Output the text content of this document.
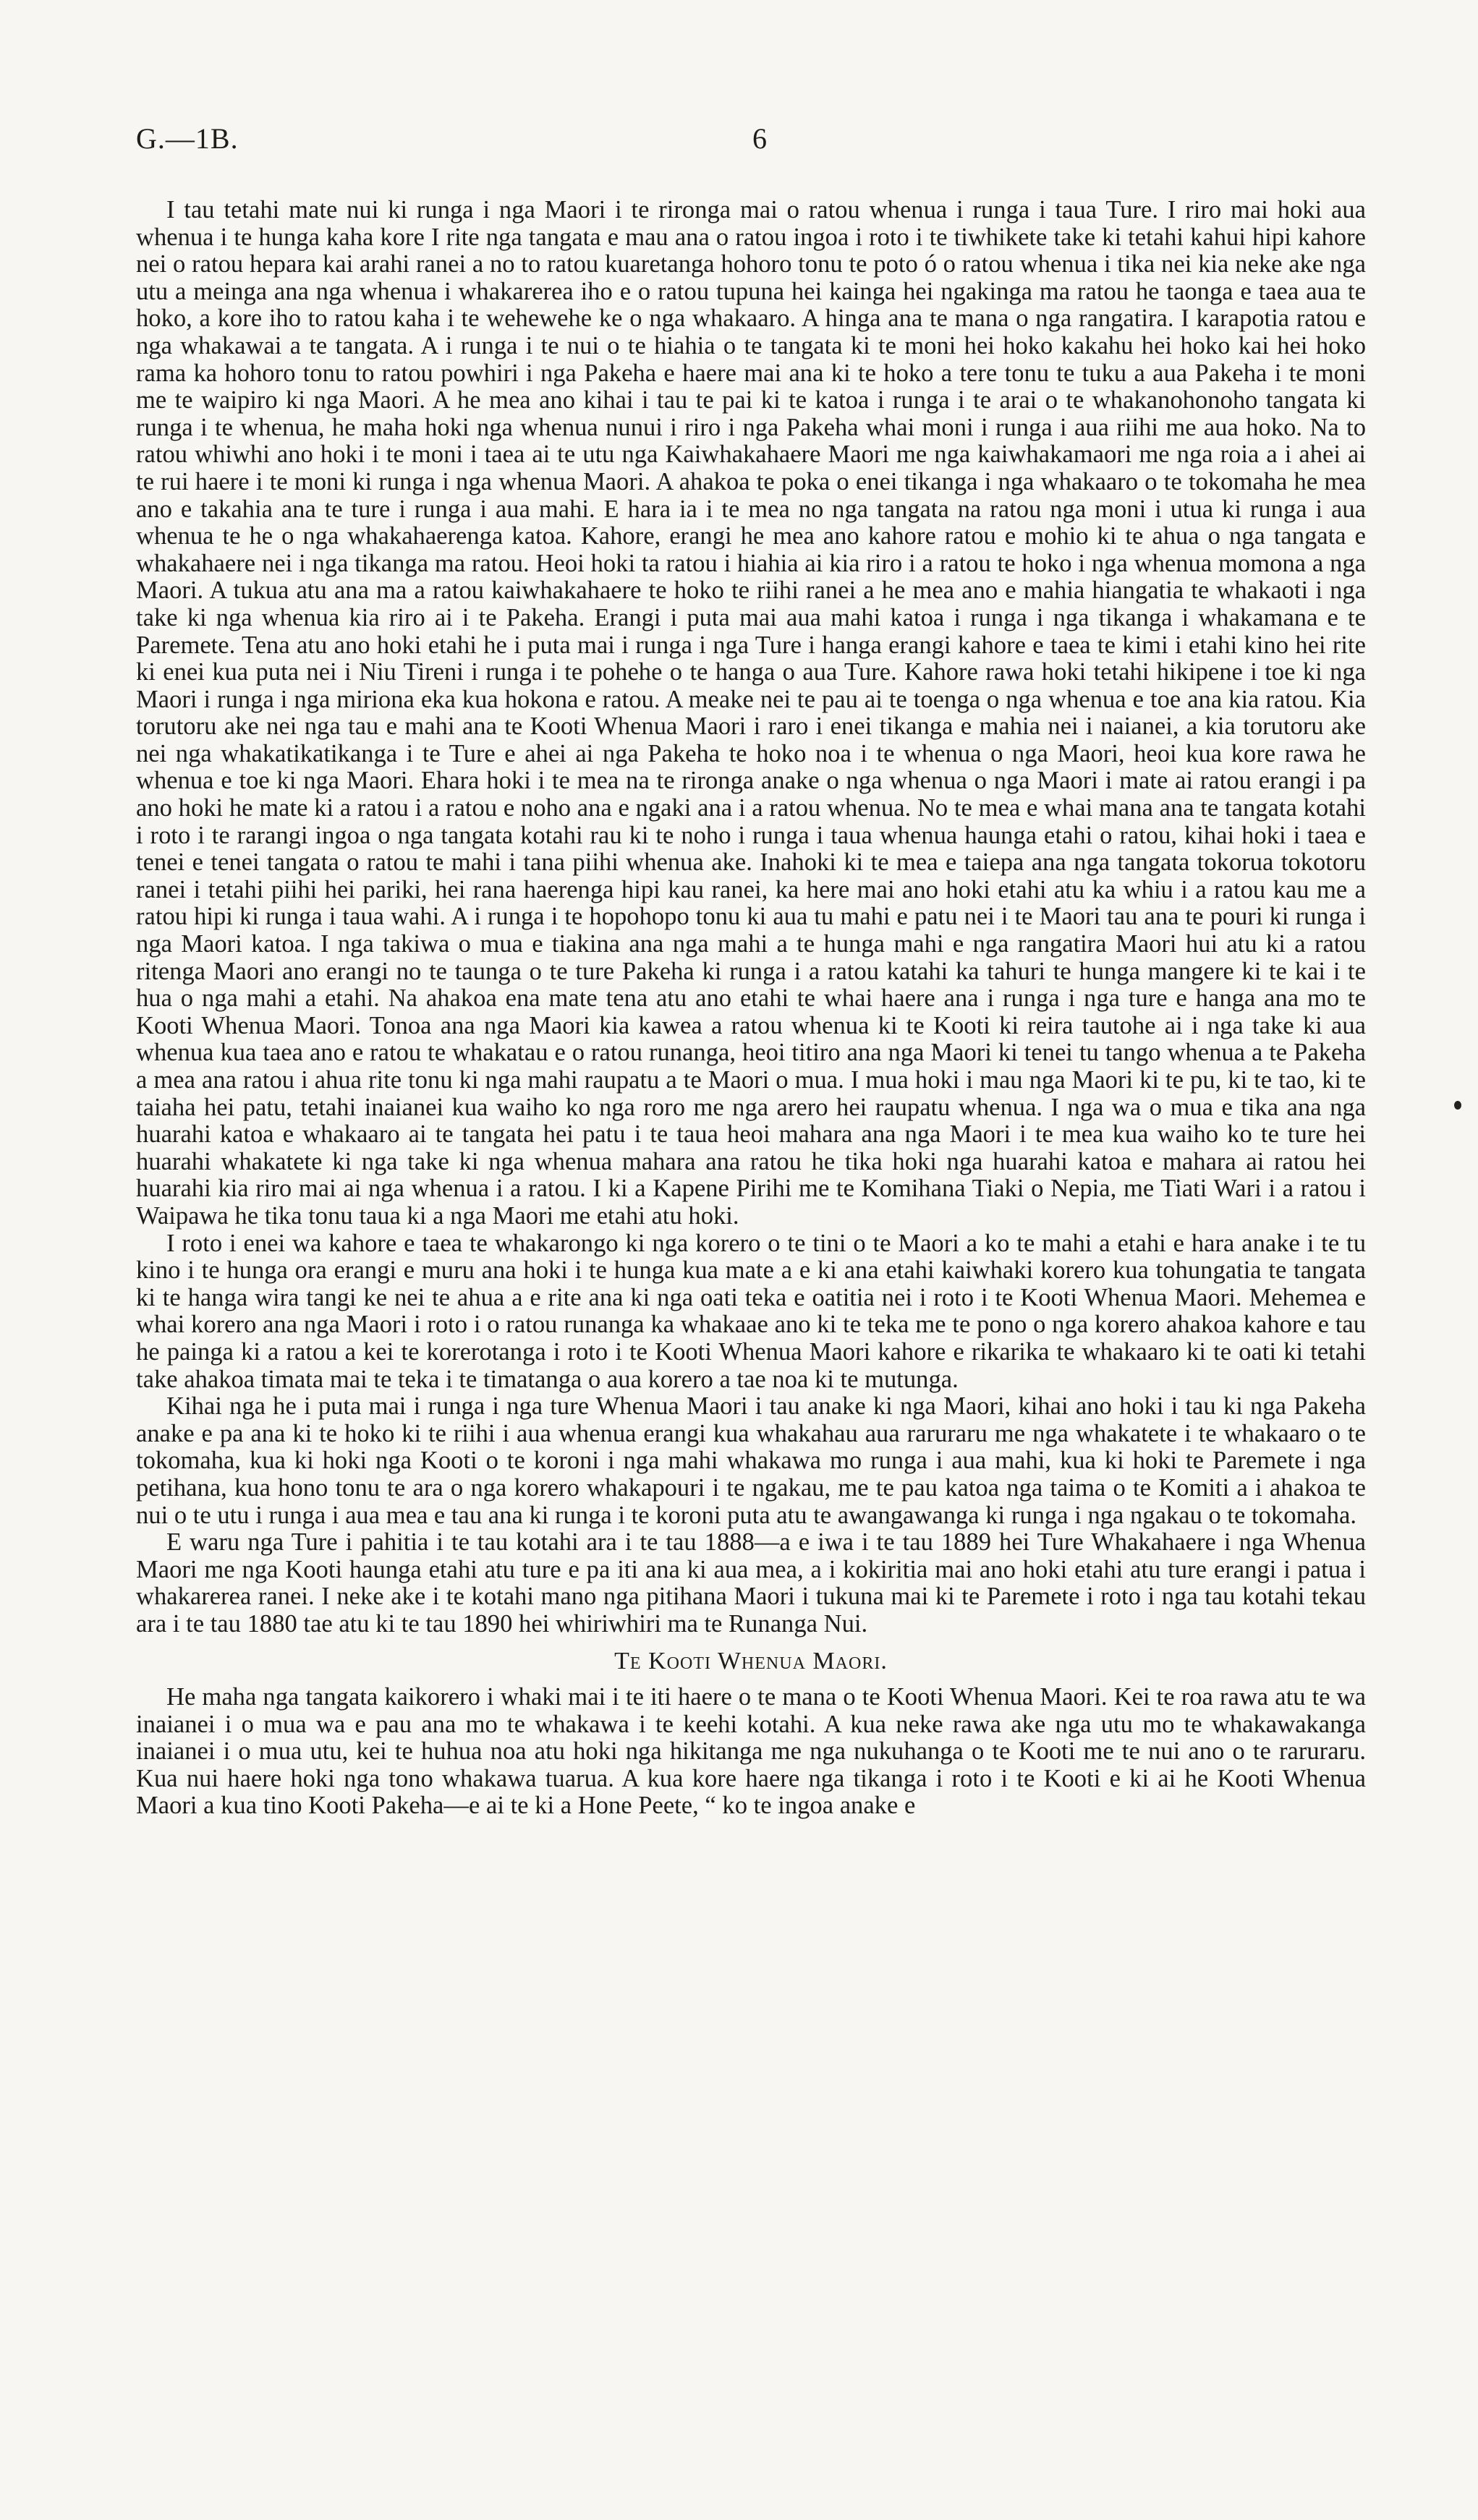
G.—1B.	6

I tau tetahi mate nui ki runga i nga Maori i te rironga mai o ratou whenua i runga i taua Ture. I riro mai hoki aua whenua i te hunga kaha kore I rite nga tangata e mau ana o ratou ingoa i roto i te tiwhikete take ki tetahi kahui hipi kahore nei o ratou hepara kai arahi ranei a no to ratou kuaretanga hohoro tonu te poto ó o ratou whenua i tika nei kia neke ake nga utu a meinga ana nga whenua i whakarerea iho e o ratou tupuna hei kainga hei ngakinga ma ratou he taonga e taea aua te hoko, a kore iho to ratou kaha i te wehewehe ke o nga whakaaro. A hinga ana te mana o nga rangatira. I karapotia ratou e nga whakawai a te tangata. A i runga i te nui o te hiahia o te tangata ki te moni hei hoko kakahu hei hoko kai hei hoko rama ka hohoro tonu to ratou powhiri i nga Pakeha e haere mai ana ki te hoko a tere tonu te tuku a aua Pakeha i te moni me te waipiro ki nga Maori. A he mea ano kihai i tau te pai ki te katoa i runga i te arai o te whakanohonoho tangata ki runga i te whenua, he maha hoki nga whenua nunui i riro i nga Pakeha whai moni i runga i aua riihi me aua hoko. Na to ratou whiwhi ano hoki i te moni i taea ai te utu nga Kaiwhakahaere Maori me nga kaiwhakamaori me nga roia a i ahei ai te rui haere i te moni ki runga i nga whenua Maori. A ahakoa te poka o enei tikanga i nga whakaaro o te tokomaha he mea ano e takahia ana te ture i runga i aua mahi. E hara ia i te mea no nga tangata na ratou nga moni i utua ki runga i aua whenua te he o nga whakahaerenga katoa. Kahore, erangi he mea ano kahore ratou e mohio ki te ahua o nga tangata e whakahaere nei i nga tikanga ma ratou. Heoi hoki ta ratou i hiahia ai kia riro i a ratou te hoko i nga whenua momona a nga Maori. A tukua atu ana ma a ratou kaiwhakahaere te hoko te riihi ranei a he mea ano e mahia hiangatia te whakaoti i nga take ki nga whenua kia riro ai i te Pakeha. Erangi i puta mai aua mahi katoa i runga i nga tikanga i whakamana e te Paremete. Tena atu ano hoki etahi he i puta mai i runga i nga Ture i hanga erangi kahore e taea te kimi i etahi kino hei rite ki enei kua puta nei i Niu Tireni i runga i te pohehe o te hanga o aua Ture. Kahore rawa hoki tetahi hikipene i toe ki nga Maori i runga i nga miriona eka kua hokona e ratou. A meake nei te pau ai te toenga o nga whenua e toe ana kia ratou. Kia torutoru ake nei nga tau e mahi ana te Kooti Whenua Maori i raro i enei tikanga e mahia nei i naianei, a kia torutoru ake nei nga whakatikatikanga i te Ture e ahei ai nga Pakeha te hoko noa i te whenua o nga Maori, heoi kua kore rawa he whenua e toe ki nga Maori. Ehara hoki i te mea na te rironga anake o nga whenua o nga Maori i mate ai ratou erangi i pa ano hoki he mate ki a ratou i a ratou e noho ana e ngaki ana i a ratou whenua. No te mea e whai mana ana te tangata kotahi i roto i te rarangi ingoa o nga tangata kotahi rau ki te noho i runga i taua whenua haunga etahi o ratou, kihai hoki i taea e tenei e tenei tangata o ratou te mahi i tana piihi whenua ake. Inahoki ki te mea e taiepa ana nga tangata tokorua tokotoru ranei i tetahi piihi hei pariki, hei rana haerenga hipi kau ranei, ka here mai ano hoki etahi atu ka whiu i a ratou kau me a ratou hipi ki runga i taua wahi. A i runga i te hopohopo tonu ki aua tu mahi e patu nei i te Maori tau ana te pouri ki runga i nga Maori katoa. I nga takiwa o mua e tiakina ana nga mahi a te hunga mahi e nga rangatira Maori hui atu ki a ratou ritenga Maori ano erangi no te taunga o te ture Pakeha ki runga i a ratou katahi ka tahuri te hunga mangere ki te kai i te hua o nga mahi a etahi. Na ahakoa ena mate tena atu ano etahi te whai haere ana i runga i nga ture e hanga ana mo te Kooti Whenua Maori. Tonoa ana nga Maori kia kawea a ratou whenua ki te Kooti ki reira tautohe ai i nga take ki aua whenua kua taea ano e ratou te whakatau e o ratou runanga, heoi titiro ana nga Maori ki tenei tu tango whenua a te Pakeha a mea ana ratou i ahua rite tonu ki nga mahi raupatu a te Maori o mua. I mua hoki i mau nga Maori ki te pu, ki te tao, ki te taiaha hei patu, tetahi inaianei kua waiho ko nga roro me nga arero hei raupatu whenua. I nga wa o mua e tika ana nga huarahi katoa e whakaaro ai te tangata hei patu i te taua heoi mahara ana nga Maori i te mea kua waiho ko te ture hei huarahi whakatete ki nga take ki nga whenua mahara ana ratou he tika hoki nga huarahi katoa e mahara ai ratou hei huarahi kia riro mai ai nga whenua i a ratou. I ki a Kapene Pirihi me te Komihana Tiaki o Nepia, me Tiati Wari i a ratou i Waipawa he tika tonu taua ki a nga Maori me etahi atu hoki.

I roto i enei wa kahore e taea te whakarongo ki nga korero o te tini o te Maori a ko te mahi a etahi e hara anake i te tu kino i te hunga ora erangi e muru ana hoki i te hunga kua mate a e ki ana etahi kaiwhaki korero kua tohungatia te tangata ki te hanga wira tangi ke nei te ahua a e rite ana ki nga oati teka e oatitia nei i roto i te Kooti Whenua Maori. Mehemea e whai korero ana nga Maori i roto i o ratou runanga ka whakaae ano ki te teka me te pono o nga korero ahakoa kahore e tau he painga ki a ratou a kei te korerotanga i roto i te Kooti Whenua Maori kahore e rikarika te whakaaro ki te oati ki tetahi take ahakoa timata mai te teka i te timatanga o aua korero a tae noa ki te mutunga.

Kihai nga he i puta mai i runga i nga ture Whenua Maori i tau anake ki nga Maori, kihai ano hoki i tau ki nga Pakeha anake e pa ana ki te hoko ki te riihi i aua whenua erangi kua whakahau aua raruraru me nga whakatete i te whakaaro o te tokomaha, kua ki hoki nga Kooti o te koroni i nga mahi whakawa mo runga i aua mahi, kua ki hoki te Paremete i nga petihana, kua hono tonu te ara o nga korero whakapouri i te ngakau, me te pau katoa nga taima o te Komiti a i ahakoa te nui o te utu i runga i aua mea e tau ana ki runga i te koroni puta atu te awangawanga ki runga i nga ngakau o te tokomaha.

E waru nga Ture i pahitia i te tau kotahi ara i te tau 1888—a e iwa i te tau 1889 hei Ture Whakahaere i nga Whenua Maori me nga Kooti haunga etahi atu ture e pa iti ana ki aua mea, a i kokiritia mai ano hoki etahi atu ture erangi i patua i whakarerea ranei. I neke ake i te kotahi mano nga pitihana Maori i tukuna mai ki te Paremete i roto i nga tau kotahi tekau ara i te tau 1880 tae atu ki te tau 1890 hei whiriwhiri ma te Runanga Nui.

Te Kooti Whenua Maori.

He maha nga tangata kaikorero i whaki mai i te iti haere o te mana o te Kooti Whenua Maori. Kei te roa rawa atu te wa inaianei i o mua wa e pau ana mo te whakawa i te keehi kotahi. A kua neke rawa ake nga utu mo te whakawakanga inaianei i o mua utu, kei te huhua noa atu hoki nga hikitanga me nga nukuhanga o te Kooti me te nui ano o te raruraru. Kua nui haere hoki nga tono whakawa tuarua. A kua kore haere nga tikanga i roto i te Kooti e ki ai he Kooti Whenua Maori a kua tino Kooti Pakeha—e ai te ki a Hone Peete, “ ko te ingoa anake e
